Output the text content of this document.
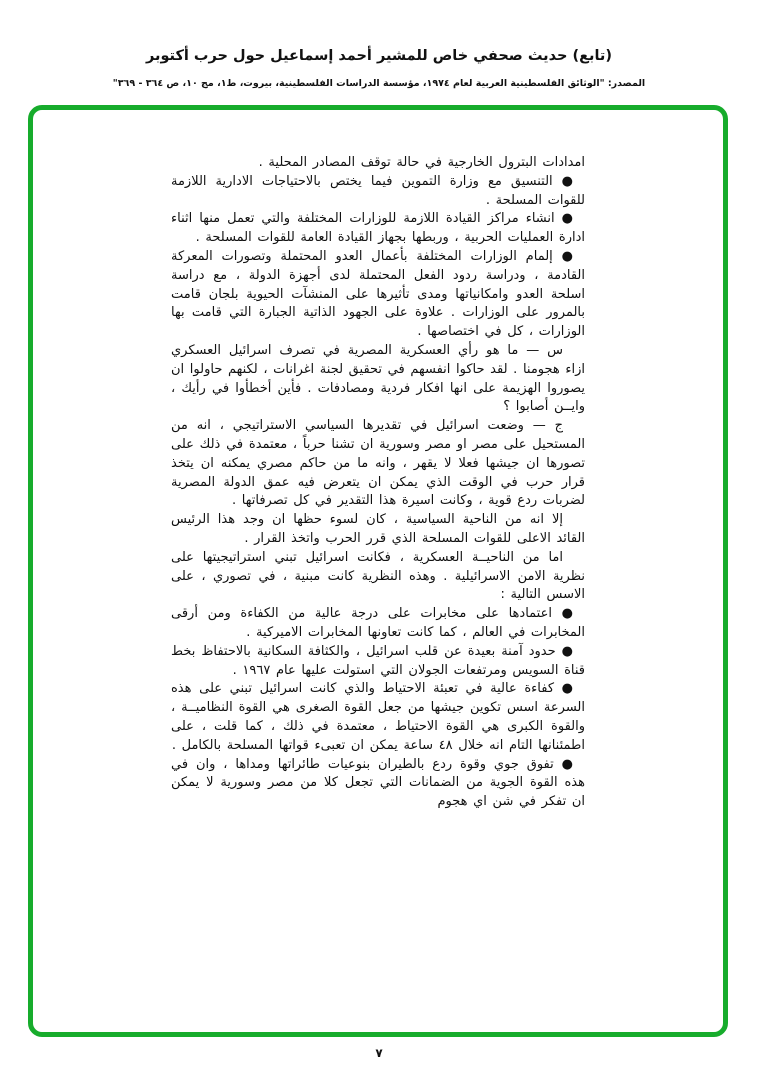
(تابع) حديث صحفي خاص للمشير أحمد إسماعيل حول حرب أكتوبر
المصدر: "الوثائق الفلسطينية العربية لعام ١٩٧٤، مؤسسة الدراسات الفلسطينية، بيروت، ط١، مج ١٠، ص ٣٦٤ - ٣٦٩"

امدادات البترول الخارجية في حالة توقف المصادر المحلية .

● التنسيق مع وزارة التموين فيما يختص بالاحتياجات الادارية اللازمة للقوات المسلحة .

● انشاء مراكز القيادة اللازمة للوزارات المختلفة والتي تعمل منها اثناء ادارة العمليات الحربية ، وربطها بجهاز القيادة العامة للقوات المسلحة .

● إلمام الوزارات المختلفة بأعمال العدو المحتملة وتصورات المعركة القادمة ، ودراسة ردود الفعل المحتملة لدى أجهزة الدولة ، مع دراسة اسلحة العدو وامكانياتها ومدى تأثيرها على المنشآت الحيوية بلجان قامت بالمرور على الوزارات . علاوة على الجهود الذاتية الجبارة التي قامت بها الوزارات ، كل في اختصاصها .

س — ما هو رأي العسكرية المصرية في تصرف اسرائيل العسكري ازاء هجومنا . لقد حاكوا انفسهم في تحقيق لجنة اغرانات ، لكنهم حاولوا ان يصوروا الهزيمة على انها افكار فردية ومصادفات . فأين أخطأوا في رأيك ، وايــن أصابوا ؟

ج — وضعت اسرائيل في تقديرها السياسي الاستراتيجي ، انه من المستحيل على مصر او مصر وسورية ان تشنا حرباً ، معتمدة في ذلك على تصورها ان جيشها فعلا لا يقهر ، وانه ما من حاكم مصري يمكنه ان يتخذ قرار حرب في الوقت الذي يمكن ان يتعرض فيه عمق الدولة المصرية لضربات ردع قوية ، وكانت اسيرة هذا التقدير في كل تصرفاتها .

إلا انه من الناحية السياسية ، كان لسوء حظها ان وجد هذا الرئيس القائد الاعلى للقوات المسلحة الذي قرر الحرب واتخذ القرار .

اما من الناحيــة العسكرية ، فكانت اسرائيل تبني استراتيجيتها على نظرية الامن الاسرائيلية . وهذه النظرية كانت مبنية ، في تصوري ، على الاسس التالية :

● اعتمادها على مخابرات على درجة عالية من الكفاءة ومن أرقى المخابرات في العالم ، كما كانت تعاونها المخابرات الاميركية .

● حدود آمنة بعيدة عن قلب اسرائيل ، والكثافة السكانية بالاحتفاظ بخط قناة السويس ومرتفعات الجولان التي استولت عليها عام ١٩٦٧ .

● كفاءة عالية في تعبئة الاحتياط والذي كانت اسرائيل تبني على هذه السرعة اسس تكوين جيشها من جعل القوة الصغرى هي القوة النظاميــة ، والقوة الكبرى هي القوة الاحتياط ، معتمدة في ذلك ، كما قلت ، على اطمئنانها التام انه خلال ٤٨ ساعة يمكن ان تعبىء قواتها المسلحة بالكامل .

● تفوق جوي وقوة ردع بالطيران بنوعيات طائراتها ومداها ، وان في هذه القوة الجوية من الضمانات التي تجعل كلا من مصر وسورية لا يمكن ان تفكر في شن اي هجوم

٧
